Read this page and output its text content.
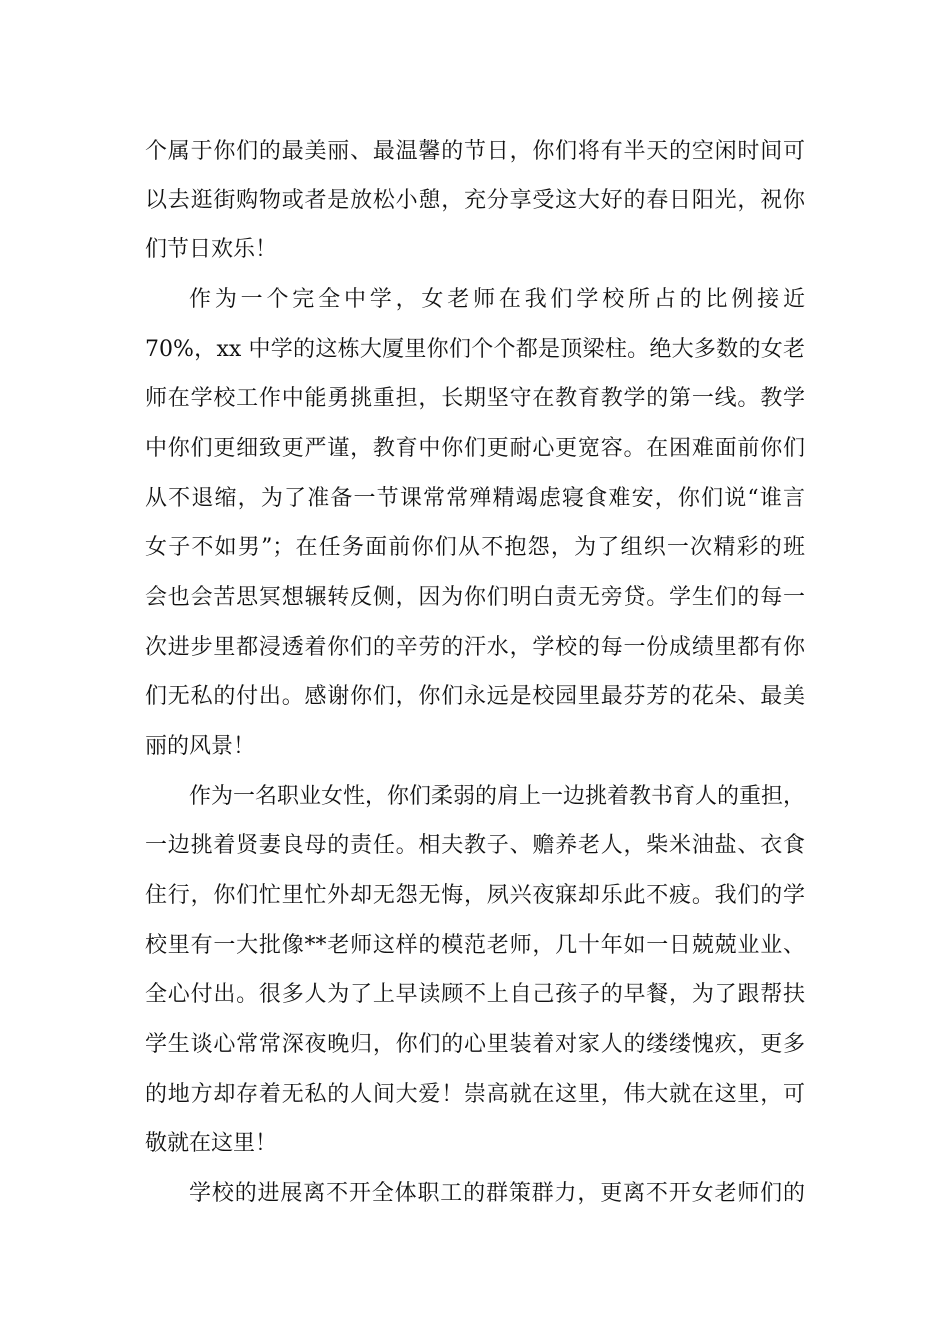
个属于你们的最美丽、最温馨的节日，你们将有半天的空闲时间可
以去逛街购物或者是放松小憩，充分享受这大好的春日阳光，祝你
们节日欢乐！
作为一个完全中学，女老师在我们学校所占的比例接近
70%，xx 中学的这栋大厦里你们个个都是顶梁柱。绝大多数的女老
师在学校工作中能勇挑重担，长期坚守在教育教学的第一线。教学
中你们更细致更严谨，教育中你们更耐心更宽容。在困难面前你们
从不退缩，为了准备一节课常常殚精竭虑寝食难安，你们说“谁言
女子不如男”；在任务面前你们从不抱怨，为了组织一次精彩的班
会也会苦思冥想辗转反侧，因为你们明白责无旁贷。学生们的每一
次进步里都浸透着你们的辛劳的汗水，学校的每一份成绩里都有你
们无私的付出。感谢你们，你们永远是校园里最芬芳的花朵、最美
丽的风景！
作为一名职业女性，你们柔弱的肩上一边挑着教书育人的重担，
一边挑着贤妻良母的责任。相夫教子、赡养老人，柴米油盐、衣食
住行，你们忙里忙外却无怨无悔，夙兴夜寐却乐此不疲。我们的学
校里有一大批像**老师这样的模范老师，几十年如一日兢兢业业、
全心付出。很多人为了上早读顾不上自己孩子的早餐，为了跟帮扶
学生谈心常常深夜晚归，你们的心里装着对家人的缕缕愧疚，更多
的地方却存着无私的人间大爱！崇高就在这里，伟大就在这里，可
敬就在这里！
学校的进展离不开全体职工的群策群力，更离不开女老师们的
